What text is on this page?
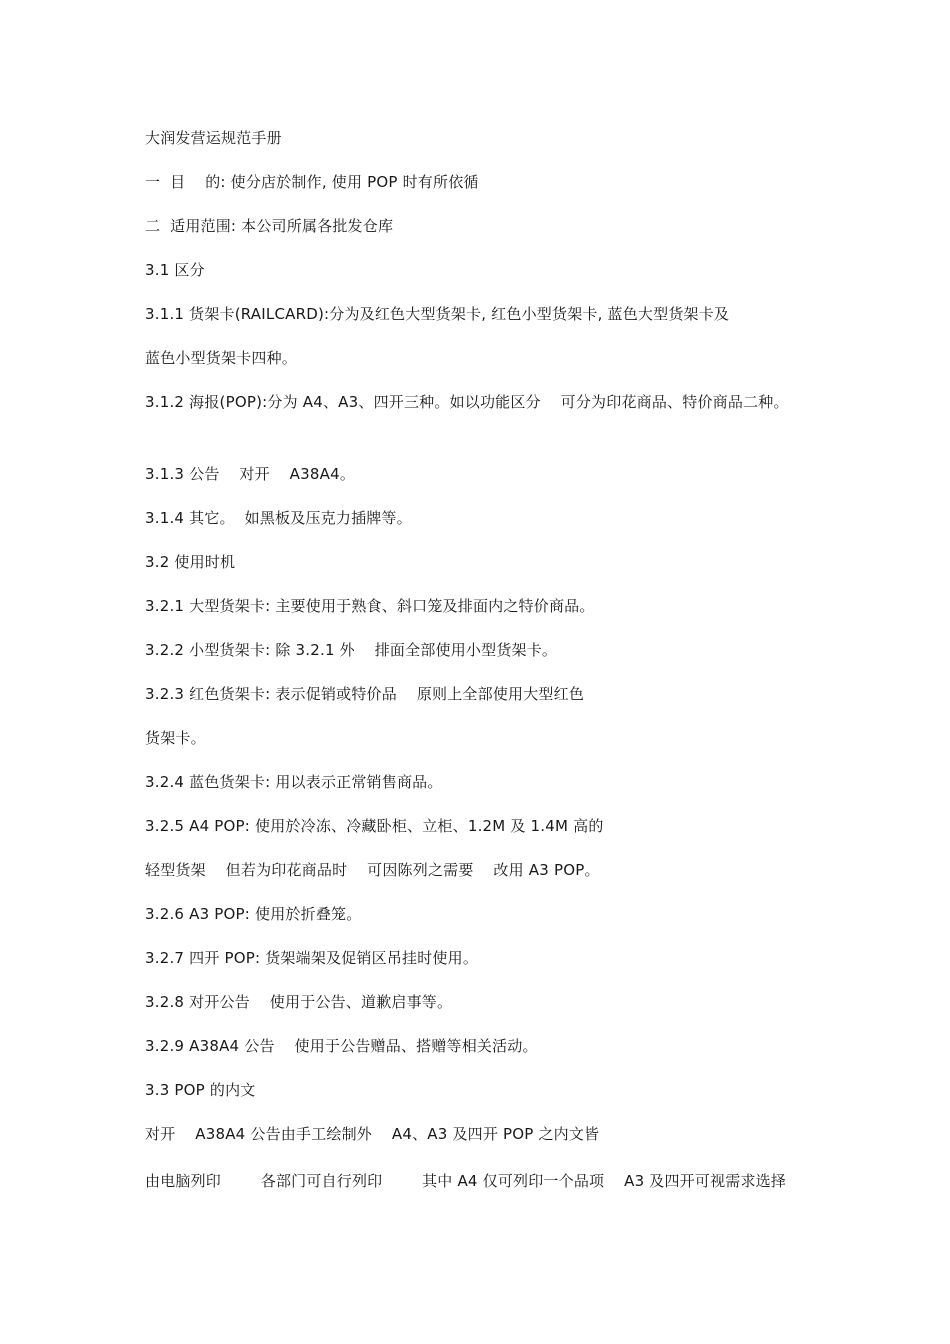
大润发营运规范手册
一  目    的: 使分店於制作, 使用 POP 时有所依循
二  适用范围: 本公司所属各批发仓库
3.1 区分
3.1.1 货架卡(RAILCARD):分为及红色大型货架卡, 红色小型货架卡, 蓝色大型货架卡及
蓝色小型货架卡四种。
3.1.2 海报(POP):分为 A4、A3、四开三种。如以功能区分    可分为印花商品、特价商品二种。
3.1.3 公告    对开    A38A4。
3.1.4 其它。  如黑板及压克力插牌等。
3.2 使用时机
3.2.1 大型货架卡: 主要使用于熟食、斜口笼及排面内之特价商品。
3.2.2 小型货架卡: 除 3.2.1 外    排面全部使用小型货架卡。
3.2.3 红色货架卡: 表示促销或特价品    原则上全部使用大型红色
货架卡。
3.2.4 蓝色货架卡: 用以表示正常销售商品。
3.2.5 A4 POP: 使用於冷冻、冷藏卧柜、立柜、1.2M 及 1.4M 高的
轻型货架    但若为印花商品时    可因陈列之需要    改用 A3 POP。
3.2.6 A3 POP: 使用於折叠笼。
3.2.7 四开 POP: 货架端架及促销区吊挂时使用。
3.2.8 对开公告    使用于公告、道歉启事等。
3.2.9 A38A4 公告    使用于公告赠品、搭赠等相关活动。
3.3 POP 的内文
对开    A38A4 公告由手工绘制外    A4、A3 及四开 POP 之内文皆
由电脑列印        各部门可自行列印        其中 A4 仅可列印一个品项    A3 及四开可视需求选择
